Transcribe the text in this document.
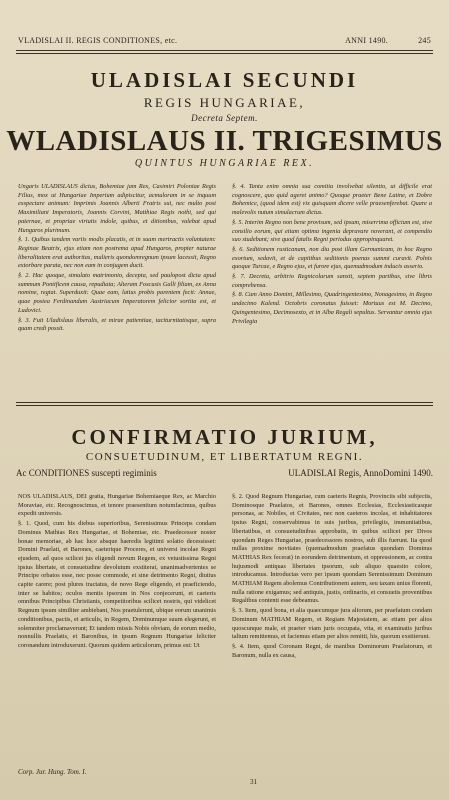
VLADISLAI II. REGIS CONDITIONES, etc.	ANNI 1490.	245
ULADISLAI SECUNDI
REGIS HUNGARIAE,
Decreta Septem.
WLADISLAUS II. TRIGESIMUS
QUINTUS HUNGARIAE REX.

Ungaris ULADISLAUS dictus, Bohemiae jam Rex, Casimiri Poloniae Regis Filius, mox ut Hungariae Imperium adipiscitur, acmuloram in se inquum exspectare animum: Imprimis Joannis Alberti Fratris sui, nec multo post Maximiliani Imperatoris, Joannis Corvini, Matthiae Regis nothi, sed qui paternae, et propriae virtutis indole, quibus, et ditionibus, valebat apud Hungaros plurimum.

§. 1. Quibus tandem variis modis placatis, et in suam mertractis voluntatem: Reginae Beatrix, ejus etiam non postrema apud Hungaros, propter naturae liberalitatem erat authoritas, mulieris quondomregnum ipsum lacessit, Regno extorbare parata, nec non eam in conjugem ducit.

§. 2. Hac quoque, simulato matrimonio, decepta, sed paulopost dicta apud summum Pontificem causa, repudiata; Alteram Foscusis Galli filiam, ex Anna nomine, regiat. Superduxit: Quae eam, latius probis parentem fecit: Annae, quae postea Ferdinandum Austriacum Imperatorem felicior sortita est, et Ludovici.

§. 3. Fuit Uladislaus liberalis, et mirae patientiae, taciturnitatisque, supra quam credi possit.

§. 4. Tanta enim omnia sua comitia involvebat silentio, ut difficile erat cognoscere, quo quid ageret animo? Quoque praeter Bene Latine, et Dobre Bohemice, (quod idem est) vix quisquam dicere velle praesenferebat. Quare a malevolis nutum simulacrum dictus.

§. 5. Interim Regno non bene provisum, sed ipsum, miserrima officium est, sive consilio eorum, qui etiam optima ingenia depravare noverant, et compendio suo studebant; sive quod fatalis Regni periodus appropinquaret.

§. 6. Seditionem rusticanam, non diu post illam Germanicam, in hoc Regno exortum, sedavit, et de capitibus seditionis poenas summi curavit. Polnis quoque Turcae, e Regno ejus, et furore ejus, quemadmodum inducis asserio.

§. 7. Decreta, arbitrio Regnicolarum sanxit, septem partibus, sive libris comprehensa.

§. 8. Cum Anno Domini, Millesimo, Quadringentesimo, Nonagesimo, in Regno undecimo Kalend. Octobris coronatus fuisset: Mortuus est M. Decimo, Quingentesimo, Decimosexto, et in Alba Regali sepultus. Servantur omnia ejus Privilegia

CONFIRMATIO JURIUM,
CONSUETUDINUM, ET LIBERTATUM REGNI.
Ac CONDITIONES suscepti regiminis	ULADISLAI Regis, AnnoDomini 1490.

NOS ULADISLAUS, DEI gratia, Hungariae Bohemiaeque Rex, ac Marchio Moraviae, etc. Recognoscimus, et tenore praesentium notumfacimus, quibus expedit universis.

§. 1. Quod, cum his diebus superioribus, Serenissimus Princeps condam Dominus Mathias Rex Hungariae, et Bohemiae, etc. Praedecessor noster bonae memoriae, ab hac luce absque haeredis legitimi solatio decessisset: Domini Praelati, et Barones, caeterique Proceres, et universi incolae Regni ejusdem, ad quos scilicet jus eligendi novum Regem, ex vetustissima Regni ipsius libertate, et consuetudine devolutum exstiterat, unanimadvertentes se Principe orbatos esse, nec posse commode, et sine detrimento Regni, diutius capite carere; post plures tractatus, de novo Rege eligendo, et praeficiendo, inter se habitos; oculos mentis ipsorum in Nos conjecerunt, et caeteris omnibus Principibus Christianis, competitoribus scilicet nostris, qui videlicet Regnum ipsum similiter ambiebant, Nos praetulerunt, ubique eorum unanimis conditionibus, pactis, et articulis, in Regem, Dominumque suum elegerunt, et solemniter proclamaverunt; Et tandem missis Nobis obviam, de eorum medio, nonnullis Praelatis, et Baronibus, in ipsum Regnum Hungariae feliciter coronandum introduxerunt. Quorum quidem articulorum, primus est: Ut

§. 2. Quod Regnum Hungariae, cum caeteris Regnis, Provinciis sibi subjectis, Dominosque Praelatos, et Barones, omnes Ecclesias, Ecclesiasticasque personas, ac Nobiles, et Civitates, nec non caeteros incolas, et inhabitatores ipsius Regni, conservabimus in suis juribus, privilegiis, immunitatibus, libertatibus, et consuetudinibus approbatis, in quibus scilicet per Divos quondam Reges Hungariae, praedecessores nostros, sub illis fuerunt. Ita quod nullas proxime novitates (quemadmodum praefatus quondam Dominus MATHIAS Rex fecerat) in eorundem detrimentum, et oppressionem, ac contra hujusmodi antiquas libertates ipsorum, sub aliquo quaesito colore, introducamus. Introductas vero per ipsum quondam Serenissimum Dominum MATHIAM Regem abolemus Contributionem autem, seu taxam unius florenti, nulla ratione exigamus; sed antiquis, justis, ordinariis, et consuetis proventibus Regalibus contenti esse debeamus.

§. 3. Item, quod bona, et alia quaecumque jura aliorum, per praefatum condam Dominum MATHIAM Regem, et Regiam Majestatem, ac etiam per alios quoscunque male, et praeter viam juris occupata, vita, et examinatis juribus talium remittemus, et faciemus etiam per alios remitti, his, quorum exstiterunt.

§. 4. Item, quod Coronam Regni, de manibus Dominorum Praelatorum, et Baronum, nulla ex causa,

Corp. Jur. Hung. Tom. I.
31
